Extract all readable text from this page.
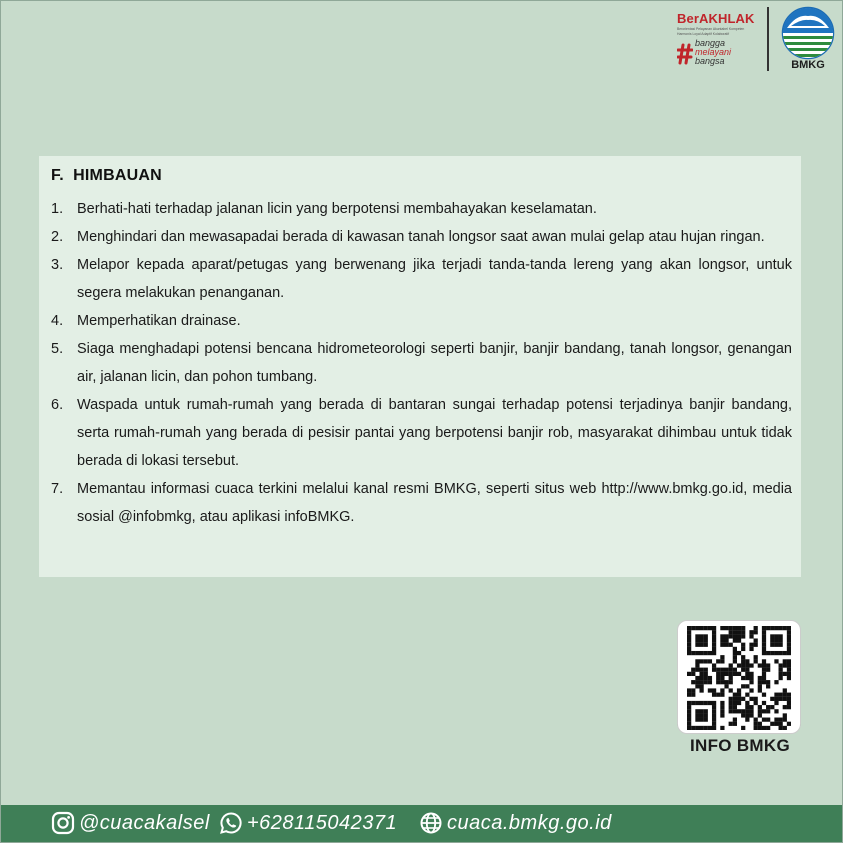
BerAKHLAK
Berorientasi Pelayanan Akuntabel Kompeten
Harmonis Loyal Adaptif Kolaboratif
bangga
melayani
bangsa	BMKG
F.  HIMBAUAN
1. Berhati-hati terhadap jalanan licin yang berpotensi membahayakan keselamatan.
2. Menghindari dan mewasapadai berada di kawasan tanah longsor saat awan mulai gelap atau hujan ringan.
3. Melapor kepada aparat/petugas yang berwenang jika terjadi tanda-tanda lereng yang akan longsor, untuk segera melakukan penanganan.
4. Memperhatikan drainase.
5. Siaga menghadapi potensi bencana hidrometeorologi seperti banjir, banjir bandang, tanah longsor, genangan air, jalanan licin, dan pohon tumbang.
6. Waspada untuk rumah-rumah yang berada di bantaran sungai terhadap potensi terjadinya banjir bandang, serta rumah-rumah yang berada di pesisir pantai yang berpotensi banjir rob, masyarakat dihimbau untuk tidak berada di lokasi tersebut.
7. Memantau informasi cuaca terkini melalui kanal resmi BMKG, seperti situs web http://www.bmkg.go.id, media sosial @infobmkg, atau aplikasi infoBMKG.
INFO BMKG
@cuacakalsel +628115042371 cuaca.bmkg.go.id
